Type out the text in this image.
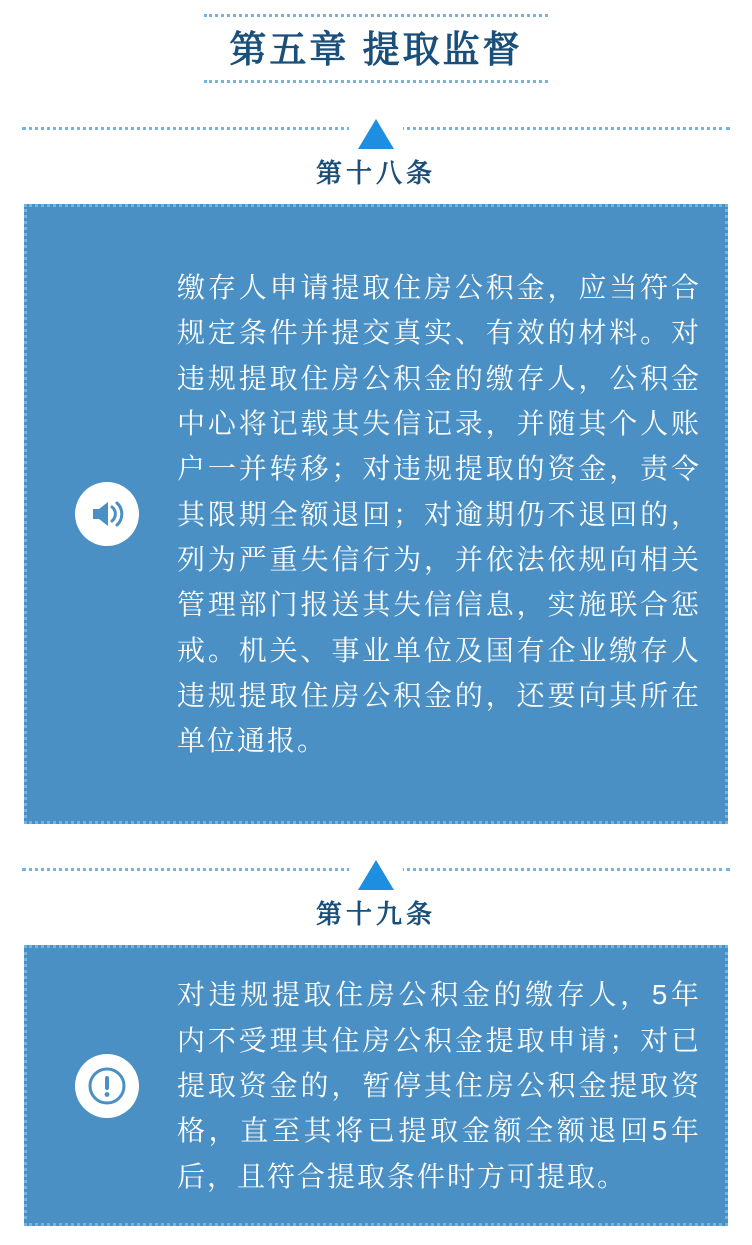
第五章 提取监督
第十八条
缴存人申请提取住房公积金，应当符合规定条件并提交真实、有效的材料。对违规提取住房公积金的缴存人，公积金中心将记载其失信记录，并随其个人账户一并转移；对违规提取的资金，责令其限期全额退回；对逾期仍不退回的，列为严重失信行为，并依法依规向相关管理部门报送其失信信息，实施联合惩戒。机关、事业单位及国有企业缴存人违规提取住房公积金的，还要向其所在单位通报。
第十九条
对违规提取住房公积金的缴存人，5年内不受理其住房公积金提取申请；对已提取资金的，暂停其住房公积金提取资格，直至其将已提取金额全额退回5年后，且符合提取条件时方可提取。
